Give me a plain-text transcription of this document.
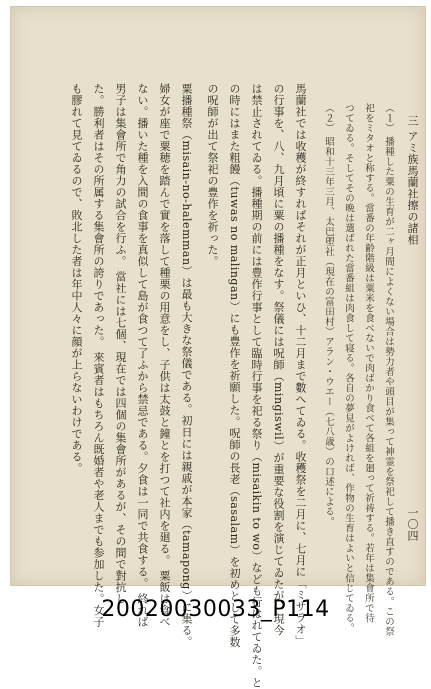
三 アミ族馬蘭社擦の諸相
一〇四
（１） 播種した粟の生育が二ヶ月間によくない場合は勢力者や頭目が集って神霊を祭祀して播き直すのである。この祭
祀をミタオと称する。當番の年齢階級は粟米を食べないで肉ばかり食べて各組を廻って祈祷する。若年は集會所で待
つてゐる。そしてその晩は選ばれた當番組は肉食して寝る。各自の夢見がよければ、作物の生育はよいと信じてゐる。
（２） 昭和十三年三月、太巴塱社（現在の富田村）アラン・ウエー（七八歳）の口述による。
馬蘭社では收穫が終すればそれが正月といひ、十二月まで數へてゐる。收穫祭を二月に、七月に「ミサラオ」
の行事を、八、九月頃に粟の播種をなす。祭儀には呪師（mingiswil）が重要な役割を演じてゐたが、現今
は禁止されてゐる。播種期の前には豊作行事として臨時行事を祀る祭り（misaikin to wo）なども行はれてゐた。と
の時にはまた粗饅（tuwas no malingan）にも豊作を祈願した。呪師の長老（sasalam）を初めとして多数
の呪師が出て祭祀の豊作を祈った。
粟播種祭（misain-no-halemman）は最も大きな祭儀である。初日には親戚が本家（tamapong）に集る。
婦女が座で粟穂を踏んで實を落して種栗の用意をし、子供は太鼓と鐘とを打つて社内を廻る。 粟飯は食べ
ない。播いた種を入間の食事を真似して島が食つて了ふから禁忌である。夕食は一同で共食する。 終れば
男子は集會所で角力の試合を行ふ。 當社には七個、現在では四個の集會所があるが、その間で對抗し
た。勝利者はその所属する集會所の誇りであった。 來賓者はもちろん既婚者や老人までも参加した。女子
も膠れて見てゐるので、敗北した者は年中人々に顔が上らないわけである。
20020030033_P114
